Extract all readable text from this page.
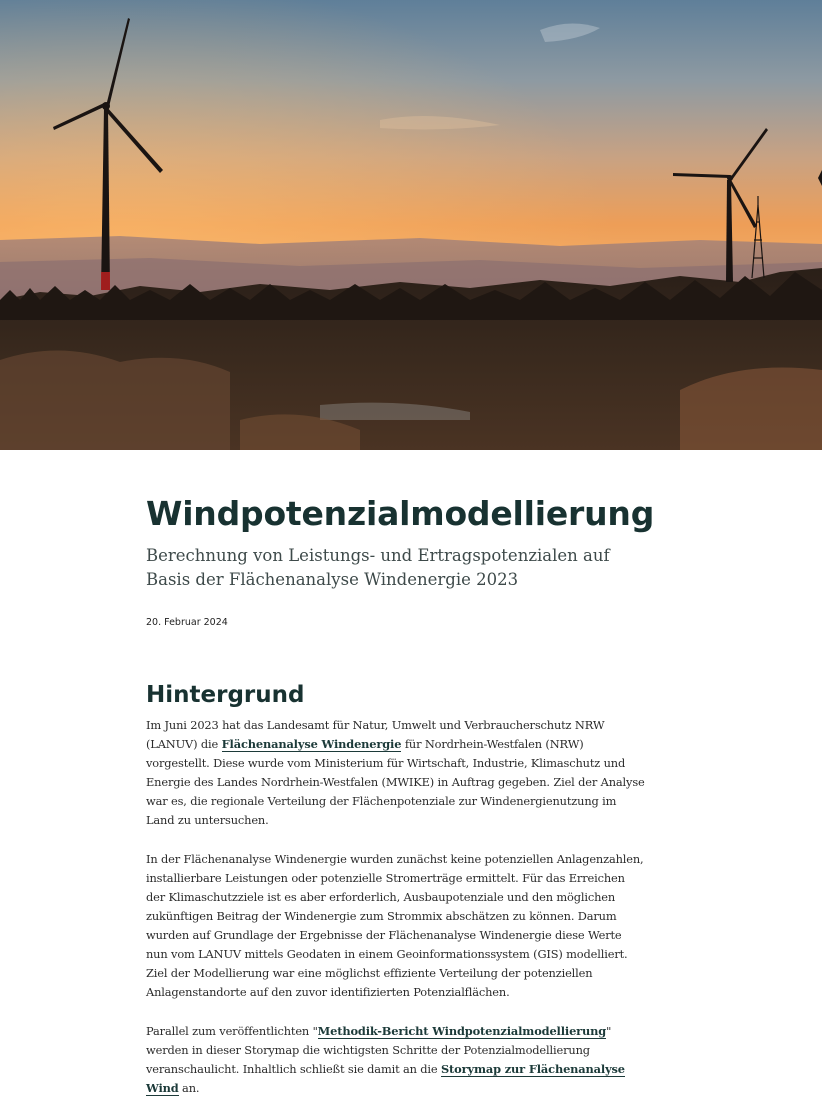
Windpotenzialmodellierung
Berechnung von Leistungs- und Ertragspotenzialen auf Basis der Flächenanalyse Windenergie 2023
20. Februar 2024
Hintergrund
Im Juni 2023 hat das Landesamt für Natur, Umwelt und Verbraucherschutz NRW (LANUV) die Flächenanalyse Windenergie für Nordrhein-Westfalen (NRW) vorgestellt. Diese wurde vom Ministerium für Wirtschaft, Industrie, Klimaschutz und Energie des Landes Nordrhein-Westfalen (MWIKE) in Auftrag gegeben. Ziel der Analyse war es, die regionale Verteilung der Flächenpotenziale zur Windenergienutzung im Land zu untersuchen.
In der Flächenanalyse Windenergie wurden zunächst keine potenziellen Anlagenzahlen, installierbare Leistungen oder potenzielle Stromerträge ermittelt. Für das Erreichen der Klimaschutzziele ist es aber erforderlich, Ausbaupotenziale und den möglichen zukünftigen Beitrag der Windenergie zum Strommix abschätzen zu können. Darum wurden auf Grundlage der Ergebnisse der Flächenanalyse Windenergie diese Werte nun vom LANUV mittels Geodaten in einem Geoinformationssystem (GIS) modelliert. Ziel der Modellierung war eine möglichst effiziente Verteilung der potenziellen Anlagenstandorte auf den zuvor identifizierten Potenzialflächen.
Parallel zum veröffentlichten "Methodik-Bericht Windpotenzialmodellierung" werden in dieser Storymap die wichtigsten Schritte der Potenzialmodellierung veranschaulicht. Inhaltlich schließt sie damit an die Storymap zur Flächenanalyse Wind an.
